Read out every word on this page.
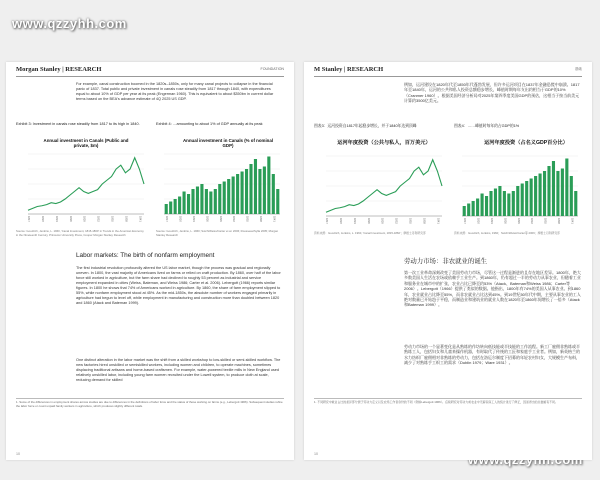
www.qzzyhh.com
Morgan Stanley | RESEARCH	FOUNDATION
For example, canal construction boomed in the 1820s–1850s, only for many canal projects to collapse in the financial panic of 1837. Total public and private investment in canals rose steadily from 1817 through 1840, with expenditures equal to about 10% of GDP per year at its peak (Engerman 1960). This is equivalent to about $350bn in current dollar terms based on the BEA's advance estimate of 4Q 2025 US GDP.
Exhibit 3: Investment in canals rose steadily from 1817 to its high in 1840.	Exhibit 4: …amounting to about 1% of GDP annually at its peak
Annual investment in Canals (Public and private, $m)
Annual investment in Canals (% of nominal GDP)
1817	1820	1823	1826	1829	1832	1835	1838	1841	1817	1820	1823	1826	1829	1832	1835	1838	1841
Source: Goodrich, Jenkins, L. 1960, 'Canal Investment, 1815-1860' in Trends in the American Economy in the Nineteenth Century, Princeton University Press, Cooper Morgan Stanley Research
Source: Goodrich, Jenkins, L. 1960; Sutch/Weiss/Carter et al. 2006; Rousseau/Sylla 2005; Morgan Stanley Research
Labor markets: The birth of nonfarm employment
The first industrial revolution profoundly altered the US labor market, though the process was gradual and regionally uneven. In 1800, the vast majority of Americans lived on farms or relied on craft production. By 1860, over half of the labor force still worked in agriculture, but the farm share had declined to roughly 53 percent as industrial and service employment expanded in cities (Weiss, Bateman, and Weiss 1986; Carter et al. 2006). Lebergott (1966) reports similar figures. In 1800 he shows that 74% of Americans worked in agriculture. By 1860, the share of farm employment slipped to 55%, while nonfarm employment stood at 45%. As the mid-1850s, the absolute number of workers engaged primarily in agriculture had begun to level off, while employment in manufacturing and construction more than doubled between 1820 and 1860 (Atack and Bateman 1999).
One distinct alteration in the labor market was the shift from a skilled workshop to low-skilled or semi-skilled workflow. The new factories hired unskilled or semiskilled workers, including women and children, to operate machines, sometimes displacing traditional artisans and home-based craftsmen. For example, water-powered textile mills in New England used relatively unskilled labor, including young farm women recruited under the Lowell system, to produce cloth at scale, reducing demand for skilled
1. Some of the differences in employment shares across studies are due to differences in the definitions of labor force and the status of those working on farms (e.g., Lebergott 1966). Subsequent studies refine the labor force or count unpaid family workers in agriculture, which produces slightly different totals.
10
M Stanley | RESEARCH	基础
例如，运河建设在1820年代至1850年代蓬勃发展，但许多运河项目在1837年金融恐慌中崩溃。1817年至1840年，运河的公共和私人投资总额稳步增长，峰值时期每年支出约相当于GDP的10%（Cranmer 1960）。根据美国经济分析局对2025年第四季度美国GDP的预估，这相当于按当前美元计算约3500亿美元。
图表3：运河投资自1817年起稳步增长，并于1840年达到顶峰	图表4：……峰值时每年约占GDP的1%
运河年度投资（公共与私人，百万美元）	运河年度投资（占名义GDP百分比）
1817	1820	1823	1826	1829	1832	1835	1838	1841	1817	1820	1823	1826	1829	1832	1835	1838	1841
资料来源：Goodrich, Jenkins, L. 1960, 'Canal Investment, 1815-1860'；摩根士丹利研究部	资料来源：Goodrich, Jenkins, 1960；Sutch/Weiss/Carter等 2006；摩根士丹利研究部
劳动力市场：非农就业的诞生
第一次工业革命深刻改变了美国劳动力市场，尽管这一过程是渐进的且存在地区差异。1800年，绝大多数美国人生活在农场或依赖手工业生产。到1860年，仍有超过一半的劳动力从事农业，但随着工业和服务业在城市中的扩张，农业占比已降至约53%（Atack、Bateman和Weiss 1986；Carter等 2006）。Lebergott（1966）提供了类似的数据。他指出，1800年有74%的美国人从事农业。到1860年，农业就业占比降至55%，而非农就业占比达到45%。到19世纪50年代中期，主要从事农业的工人绝对数量已开始趋于平稳，而制造业和建筑业的就业人数在1820年至1860年间增长了一倍多（Atack和Bateman 1999）。
劳动力市场的一个显著变化是从熟练的作坊转向低技能或半技能的工作流程。新工厂雇佣非熟练或半熟练工人，包括妇女和儿童来操作机器，有时取代了传统的工匠和家庭手工业者。例如，新英格兰的水力纺织厂雇佣相对非熟练的劳动力，包括在洛厄尔制度下招募的年轻农村妇女，大规模生产布料，减少了对熟练手工织工的需求（Dublin 1979；Ware 1931）。
1. 不同研究中就业占比的差异部分源于劳动力定义以及农场工作者身份的不同（例如Lebergott 1966）。后续研究对劳动力或农业中无薪家庭工人的统计进行了修正，因而得出的总数略有不同。
10
